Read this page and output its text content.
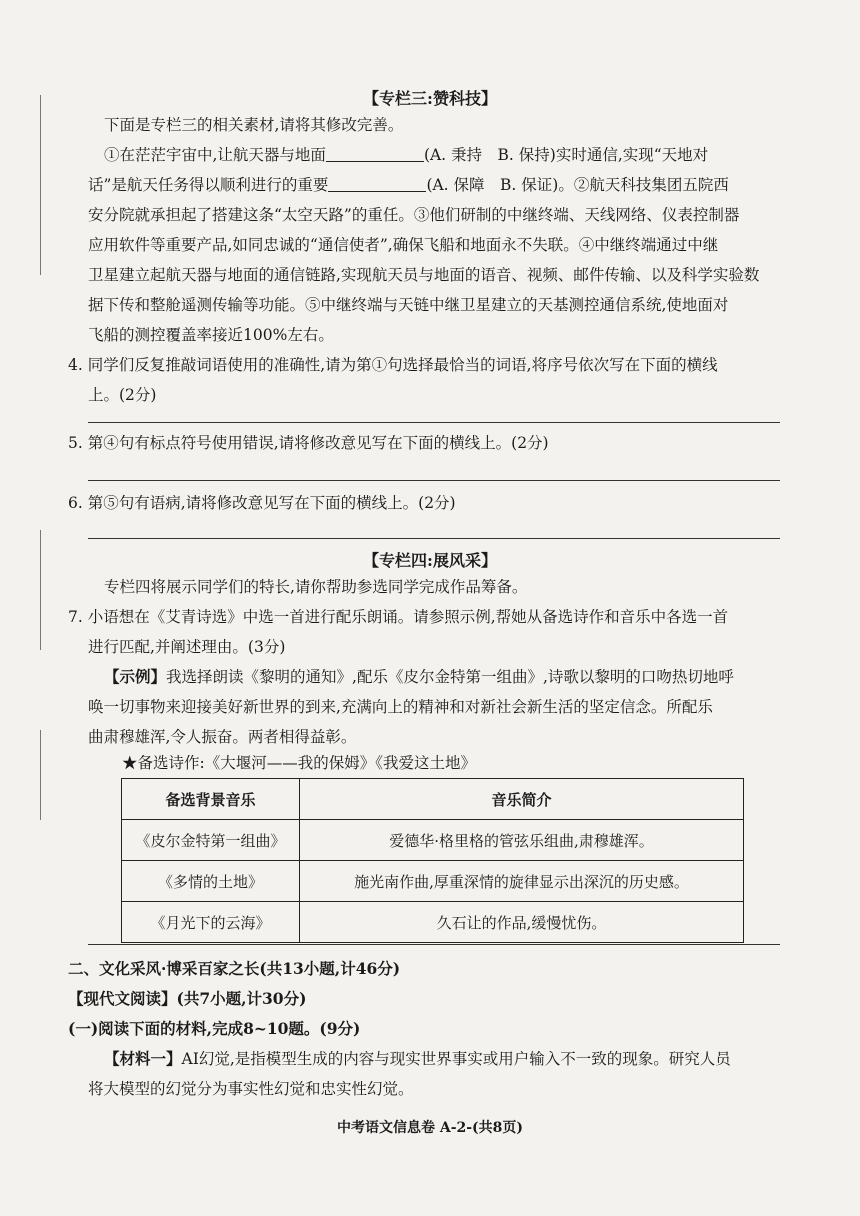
【专栏三:赞科技】
下面是专栏三的相关素材,请将其修改完善。
①在茫茫宇宙中,让航天器与地面	(A. 秉持　B. 保持)实时通信,实现“天地对
话”是航天任务得以顺利进行的重要	(A. 保障　B. 保证)。②航天科技集团五院西
安分院就承担起了搭建这条“太空天路”的重任。③他们研制的中继终端、天线网络、仪表控制器
应用软件等重要产品,如同忠诚的“通信使者”,确保飞船和地面永不失联。④中继终端通过中继
卫星建立起航天器与地面的通信链路,实现航天员与地面的语音、视频、邮件传输、以及科学实验数
据下传和整舱遥测传输等功能。⑤中继终端与天链中继卫星建立的天基测控通信系统,使地面对
飞船的测控覆盖率接近100%左右。
4. 同学们反复推敲词语使用的准确性,请为第①句选择最恰当的词语,将序号依次写在下面的横线
上。(2分)
5. 第④句有标点符号使用错误,请将修改意见写在下面的横线上。(2分)
6. 第⑤句有语病,请将修改意见写在下面的横线上。(2分)
【专栏四:展风采】
专栏四将展示同学们的特长,请你帮助参选同学完成作品筹备。
7. 小语想在《艾青诗选》中选一首进行配乐朗诵。请参照示例,帮她从备选诗作和音乐中各选一首
进行匹配,并阐述理由。(3分)
【示例】我选择朗读《黎明的通知》,配乐《皮尔金特第一组曲》,诗歌以黎明的口吻热切地呼
唤一切事物来迎接美好新世界的到来,充满向上的精神和对新社会新生活的坚定信念。所配乐
曲肃穆雄浑,令人振奋。两者相得益彰。
★备选诗作:《大堰河——我的保姆》《我爱这土地》
备选背景音乐	音乐简介
《皮尔金特第一组曲》	爱德华·格里格的管弦乐组曲,肃穆雄浑。
《多情的土地》	施光南作曲,厚重深情的旋律显示出深沉的历史感。
《月光下的云海》	久石让的作品,缓慢忧伤。
二、文化采风·博采百家之长(共13小题,计46分)
【现代文阅读】(共7小题,计30分)
(一)阅读下面的材料,完成8~10题。(9分)
【材料一】AI幻觉,是指模型生成的内容与现实世界事实或用户输入不一致的现象。研究人员
将大模型的幻觉分为事实性幻觉和忠实性幻觉。
中考语文信息卷 A-2-(共8页)
